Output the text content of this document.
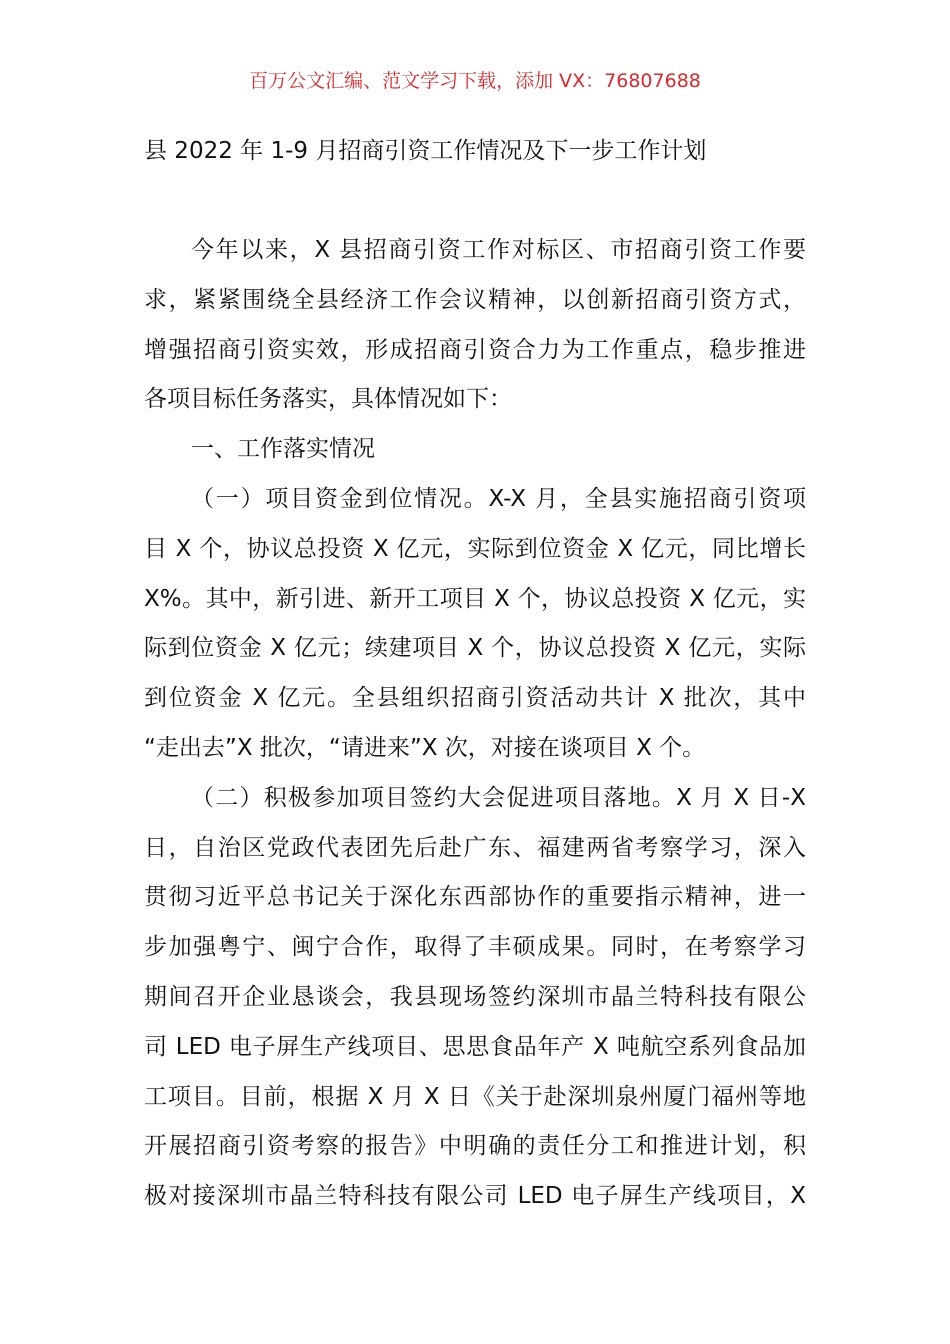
百万公文汇编、范文学习下载，添加 VX：76807688
县 2022 年 1-9 月招商引资工作情况及下一步工作计划
今年以来，X 县招商引资工作对标区、市招商引资工作要
求，紧紧围绕全县经济工作会议精神，以创新招商引资方式，
增强招商引资实效，形成招商引资合力为工作重点，稳步推进
各项目标任务落实，具体情况如下：
一、工作落实情况
（一）项目资金到位情况。X-X 月，全县实施招商引资项
目 X 个，协议总投资 X 亿元，实际到位资金 X 亿元，同比增长
X%。其中，新引进、新开工项目 X 个，协议总投资 X 亿元，实
际到位资金 X 亿元；续建项目 X 个，协议总投资 X 亿元，实际
到位资金 X 亿元。全县组织招商引资活动共计 X 批次，其中
“走出去”X 批次，“请进来”X 次，对接在谈项目 X 个。
（二）积极参加项目签约大会促进项目落地。X 月 X 日-X
日，自治区党政代表团先后赴广东、福建两省考察学习，深入
贯彻习近平总书记关于深化东西部协作的重要指示精神，进一
步加强粤宁、闽宁合作，取得了丰硕成果。同时，在考察学习
期间召开企业恳谈会，我县现场签约深圳市晶兰特科技有限公
司 LED 电子屏生产线项目、思思食品年产 X 吨航空系列食品加
工项目。目前，根据 X 月 X 日《关于赴深圳泉州厦门福州等地
开展招商引资考察的报告》中明确的责任分工和推进计划，积
极对接深圳市晶兰特科技有限公司 LED 电子屏生产线项目，X
